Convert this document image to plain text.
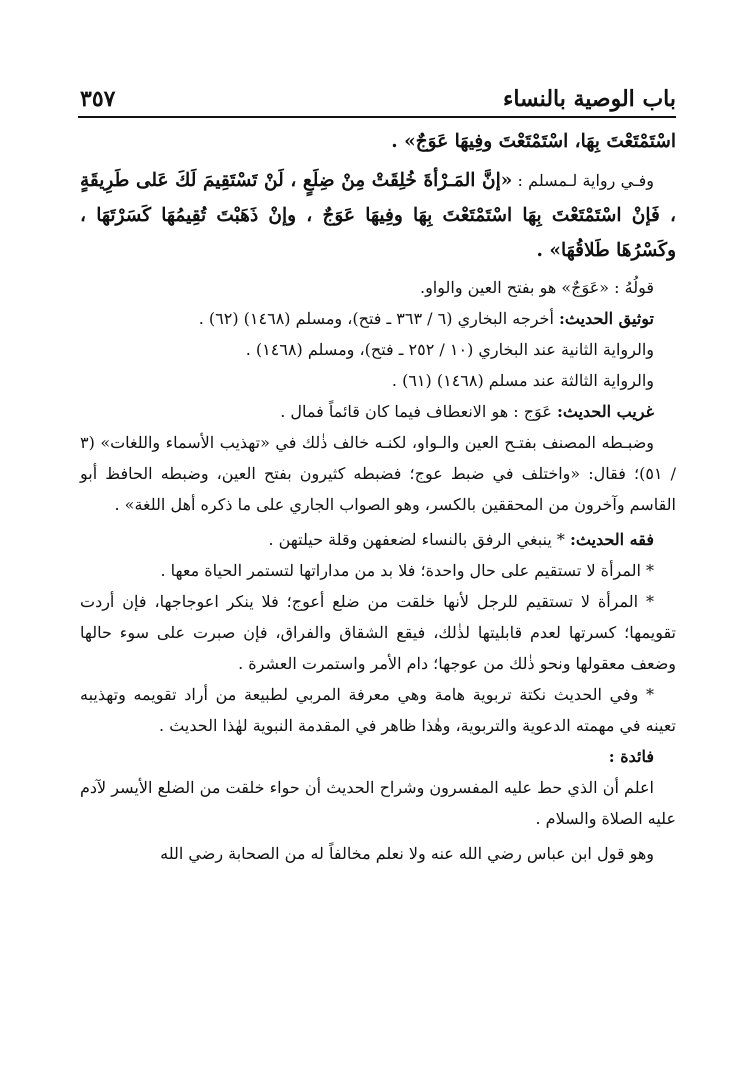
باب الوصية بالنساء
٣٥٧

اسْتَمْتَعْتَ بِهَا، اسْتَمْتَعْتَ وفِيهَا عَوَجٌ» .

وفـي رواية لـمسلم : «إنَّ المَـرْأةَ خُلِقَتْ مِنْ ضِلَعٍ ، لَنْ تَسْتَقِيمَ لَكَ عَلى طَرِيقَةٍ ، فَإنْ اسْتَمْتَعْتَ بِهَا اسْتَمْتَعْتَ بِهَا وفِيهَا عَوَجٌ ، وإنْ ذَهَبْتَ تُقِيمُهَا كَسَرْتَهَا ، وكَسْرُهَا طَلاقُهَا» .

قولُهُ : «عَوَجٌ» هو بفتح العين والواو.

توثيق الحديث: أخرجه البخاري (٦ / ٣٦٣ ـ فتح)، ومسلم (١٤٦٨) (٦٢) .

والرواية الثانية عند البخاري (١٠ / ٢٥٢ ـ فتح)، ومسلم (١٤٦٨) .

والرواية الثالثة عند مسلم (١٤٦٨) (٦١) .

غريب الحديث: عَوَج : هو الانعطاف فيما كان قائماً فمال .

وضبـطه المصنف بفتـح العين والـواو، لكنـه خالف ذٰلك في «تهذيب الأسماء واللغات» (٣ / ٥١)؛ فقال: «واختلف في ضبط عوج؛ فضبطه كثيرون بفتح العين، وضبطه الحافظ أبو القاسم وآخرون من المحققين بالكسر، وهو الصواب الجاري على ما ذكره أهل اللغة» .

فقه الحديث: * ينبغي الرفق بالنساء لضعفهن وقلة حيلتهن .

* المرأة لا تستقيم على حال واحدة؛ فلا بد من مداراتها لتستمر الحياة معها .

* المرأة لا تستقيم للرجل لأنها خلقت من ضلع أعوج؛ فلا ينكر اعوجاجها، فإن أردت تقويمها؛ كسرتها لعدم قابليتها لذٰلك، فيقع الشقاق والفراق، فإن صبرت على سوء حالها وضعف معقولها ونحو ذٰلك من عوجها؛ دام الأمر واستمرت العشرة .

* وفي الحديث نكتة تربوية هامة وهي معرفة المربي لطبيعة من أراد تقويمه وتهذيبه تعينه في مهمته الدعوية والتربوية، وهٰذا ظاهر في المقدمة النبوية لهٰذا الحديث .

فائدة :

اعلم أن الذي حط عليه المفسرون وشراح الحديث أن حواء خلقت من الضلع الأيسر لآدم عليه الصلاة والسلام .

وهو قول ابن عباس رضي الله عنه ولا نعلم مخالفاً له من الصحابة رضي الله
